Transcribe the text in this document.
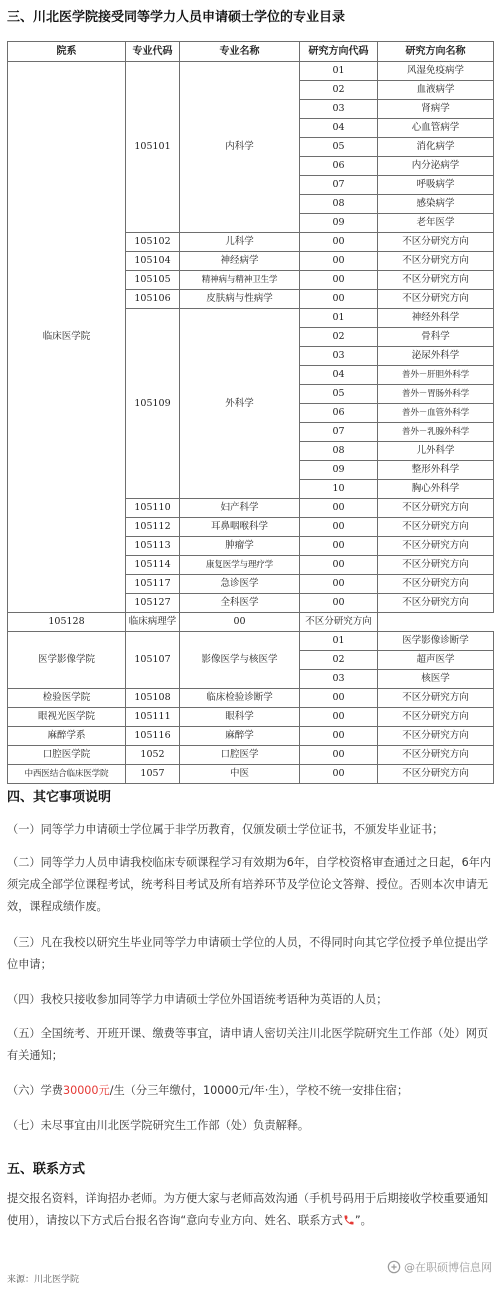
三、川北医学院接受同等学力人员申请硕士学位的专业目录
院系	专业代码	专业名称	研究方向代码	研究方向名称
临床医学院	105101	内科学	01	风湿免疫病学
			02	血液病学
			03	肾病学
			04	心血管病学
			05	消化病学
			06	内分泌病学
			07	呼吸病学
			08	感染病学
			09	老年医学
	105102	儿科学	00	不区分研究方向
	105104	神经病学	00	不区分研究方向
	105105	精神病与精神卫生学	00	不区分研究方向
	105106	皮肤病与性病学	00	不区分研究方向
	105109	外科学	01	神经外科学
			02	骨科学
			03	泌尿外科学
			04	普外－肝胆外科学
			05	普外－胃肠外科学
			06	普外－血管外科学
			07	普外－乳腺外科学
			08	儿外科学
			09	整形外科学
			10	胸心外科学
	105110	妇产科学	00	不区分研究方向
	105112	耳鼻咽喉科学	00	不区分研究方向
	105113	肿瘤学	00	不区分研究方向
	105114	康复医学与理疗学	00	不区分研究方向
	105117	急诊医学	00	不区分研究方向
	105127	全科医学	00	不区分研究方向
105128	临床病理学	00	不区分研究方向	
医学影像学院	105107	影像医学与核医学	01	医学影像诊断学
			02	超声医学
			03	核医学
检验医学院	105108	临床检验诊断学	00	不区分研究方向
眼视光医学院	105111	眼科学	00	不区分研究方向
麻醉学系	105116	麻醉学	00	不区分研究方向
口腔医学院	1052	口腔医学	00	不区分研究方向
中西医结合临床医学院	1057	中医	00	不区分研究方向
四、其它事项说明

（一）同等学力申请硕士学位属于非学历教育，仅颁发硕士学位证书，不颁发毕业证书；

（二）同等学力人员申请我校临床专硕课程学习有效期为6年，自学校资格审查通过之日起，6年内须完成全部学位课程考试，统考科目考试及所有培养环节及学位论文答辩、授位。否则本次申请无效，课程成绩作废。

（三）凡在我校以研究生毕业同等学力申请硕士学位的人员，不得同时向其它学位授予单位提出学位申请；

（四）我校只接收参加同等学力申请硕士学位外国语统考语种为英语的人员；

（五）全国统考、开班开课、缴费等事宜，请申请人密切关注川北医学院研究生工作部（处）网页有关通知；

（六）学费30000元/生（分三年缴付，10000元/年·生），学校不统一安排住宿；

（七）未尽事宜由川北医学院研究生工作部（处）负责解释。

五、联系方式

提交报名资料，详询招办老师。为方便大家与老师高效沟通（手机号码用于后期接收学校重要通知使用），请按以下方式后台报名咨询“意向专业方向、姓名、联系方式 ”。

来源：川北医学院
@在职硕博信息网
